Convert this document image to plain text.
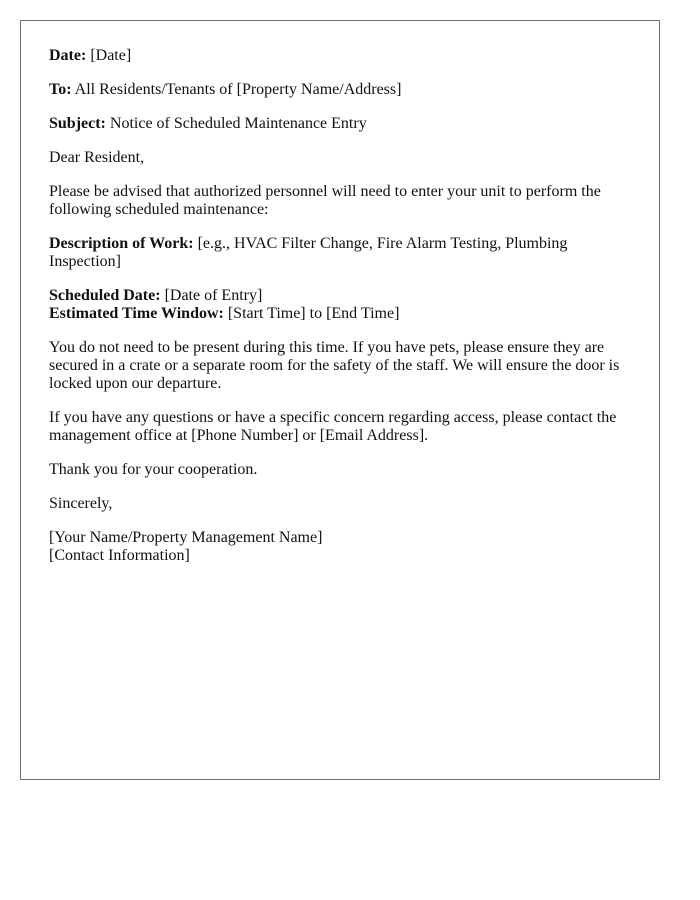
Date: [Date]

To: All Residents/Tenants of [Property Name/Address]

Subject: Notice of Scheduled Maintenance Entry

Dear Resident,

Please be advised that authorized personnel will need to enter your unit to perform the following scheduled maintenance:

Description of Work: [e.g., HVAC Filter Change, Fire Alarm Testing, Plumbing Inspection]

Scheduled Date: [Date of Entry]

Estimated Time Window: [Start Time] to [End Time]

You do not need to be present during this time. If you have pets, please ensure they are secured in a crate or a separate room for the safety of the staff. We will ensure the door is locked upon our departure.

If you have any questions or have a specific concern regarding access, please contact the management office at [Phone Number] or [Email Address].

Thank you for your cooperation.

Sincerely,

[Your Name/Property Management Name]

[Contact Information]
